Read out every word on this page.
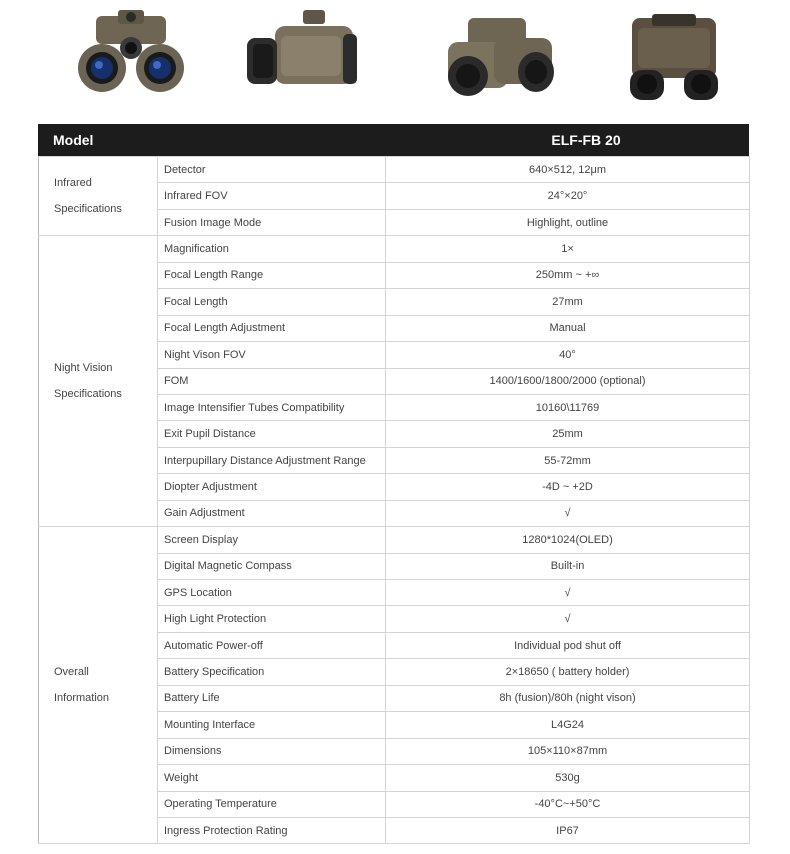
Model	ELF-FB 20
Infrared
Specifications	Detector	640×512, 12μm
	Infrared FOV	24°×20°
	Fusion Image Mode	Highlight, outline

Night Vision
Specifications	Magnification	1×
	Focal Length Range	250mm ~ +∞
	Focal Length	27mm
	Focal Length Adjustment	Manual
	Night Vison FOV	40°
	FOM	1400/1600/1800/2000 (optional)
	Image Intensifier Tubes Compatibility	10160\11769
	Exit Pupil Distance	25mm
	Interpupillary Distance Adjustment Range	55-72mm
	Diopter Adjustment	-4D ~ +2D
	Gain Adjustment	√

Overall
Information	Screen Display	1280*1024(OLED)
	Digital Magnetic Compass	Built-in
	GPS Location	√
	High Light Protection	√
	Automatic Power-off	Individual pod shut off
	Battery Specification	2×18650 ( battery holder)
	Battery Life	8h (fusion)/80h (night vison)
	Mounting Interface	L4G24
	Dimensions	105×110×87mm
	Weight	530g
	Operating Temperature	-40°C~+50°C
	Ingress Protection Rating	IP67
